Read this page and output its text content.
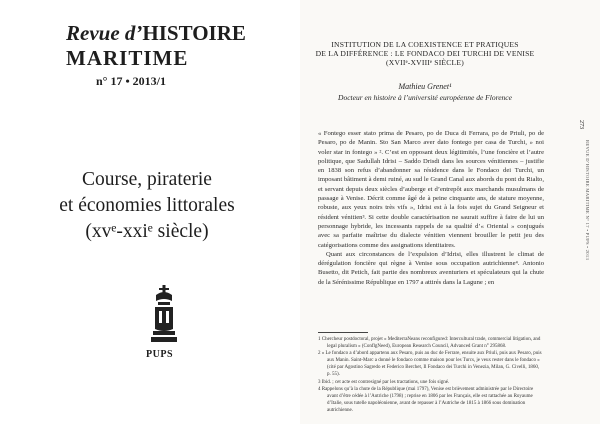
Revue d’HISTOIRE
MARITIME
n° 17 • 2013/1
Course, piraterie
et économies littorales
(xvᵉ-xxiᵉ siècle)
PUPS
INSTITUTION DE LA COEXISTENCE ET PRATIQUES
DE LA DIFFÉRENCE : LE FONDACO DEI TURCHI DE VENISE
(XVIIᵉ-XVIIIᵉ SIÈCLE)
Mathieu Grenet¹
Docteur en histoire à l’université européenne de Florence

« Fontego esser stato prima de Pesaro, po de Duca di Ferrara, po de Priuli, po de Pesaro, po de Manin. Sto San Marco aver dato fontego per casa de Turchi, » noi voler star in fontego » ². C’est en opposant deux légitimités, l’une foncière et l’autre politique, que Sadullah Idrisi – Saddo Drisdi dans les sources vénitiennes – justifie en 1838 son refus d’abandonner sa résidence dans le Fondaco dei Turchi, un imposant bâtiment à demi ruiné, au sud le Grand Canal aux abords du pont du Rialto, et servant depuis deux siècles d’auberge et d’entrepôt aux marchands musulmans de passage à Venise. Décrit comme âgé de à peine cinquante ans, de stature moyenne, robuste, aux yeux noirs très vifs », Idrisi est à la fois sujet du Grand Seigneur et résident vénitien³. Si cette double caractérisation ne saurait suffire à faire de lui un personnage hybride, les incessants rappels de sa qualité d’« Oriental » conjugués avec sa parfaite maîtrise du dialecte vénitien viennent brouiller le petit jeu des catégorisations comme des assignations identitaires.

Quant aux circonstances de l’expulsion d’Idrisi, elles illustrent le climat de dérégulation foncière qui règne à Venise sous occupation autrichienne⁴. Antonio Busetto, dit Petich, fait partie des nombreux aventuriers et spéculateurs qui la chute de la Sérénissime République en 1797 a attirés dans la Lagune ; en

1 Chercheur postdoctoral, projet « MediterraNeans reconfigured: Intercultural trade, commercial litigation, and legal pluralism » (ConflgNeed), European Research Council, Advanced Grant n° 295868.

2 « Le fondaco a d’abord appartenu aux Pesaro, puis au duc de Ferrare, ensuite aux Priuli, puis aux Pesaro, puis aux Manin. Saint-Marc a donné le fondaco comme maison pour les Turcs, je veux rester dans le fondaco » (cité par Agostino Sagredo et Federico Berchet, Il Fondaco dei Turchi in Venezia, Milan, G. Civelli, 1860, p. 55).

3 Ibid. ; cet acte est contresigné par les tractations, une fois signé.

4 Rappelons qu’à la chute de la République (mai 1797), Venise est brièvement administrée par le Directoire avant d’être cédée à l’Autriche (1798) ; reprise en 1806 par les Français, elle est rattachée au Royaume d’Italie, sous tutelle napoléonienne, avant de repasser à l’Autriche de 1815 à 1866 sous domination autrichienne.

273
REVUE D’HISTOIRE MARITIME N° 17 • PUPS • 2013
